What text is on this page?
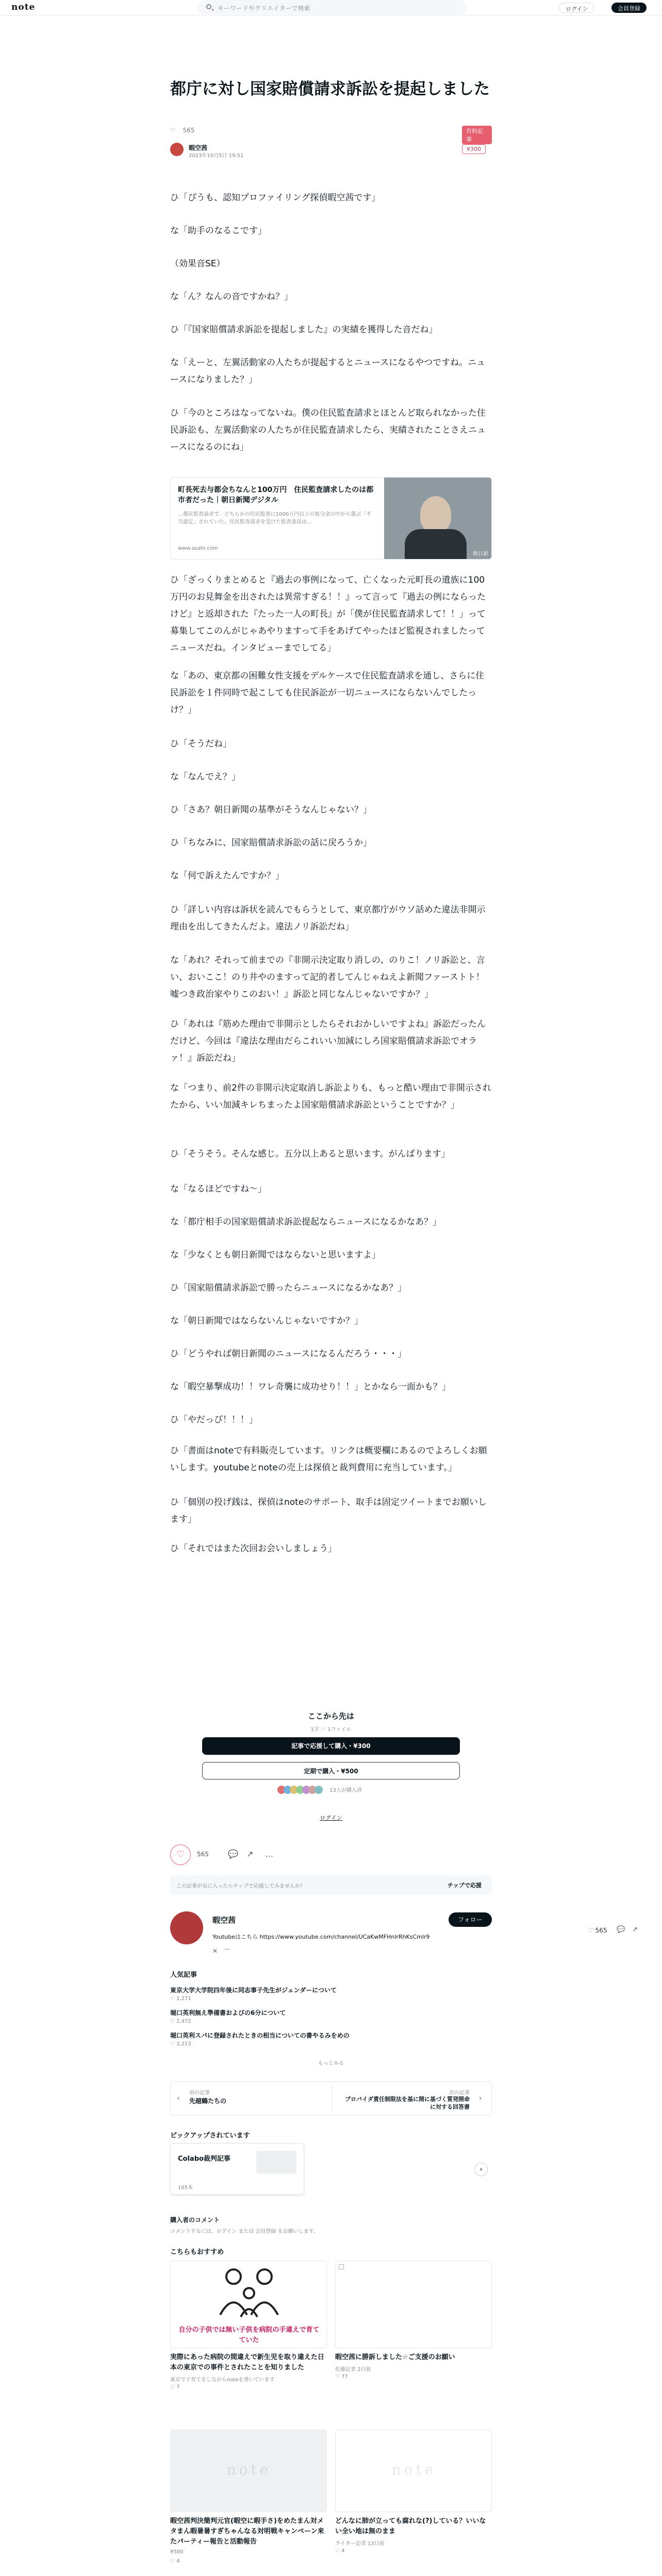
note	キーワードやクリエイターで検索	ログイン	会員登録
都庁に対し国家賠償請求訴訟を提起しました
♡ 565	有料記事
暇空茜
2023年10月5日 19:51
¥300
ひ「ぴうも、認知プロファイリング探偵暇空茜です」
な「助手のなるこです」
（効果音SE）
な「ん？なんの音ですかね？」
ひ「『国家賠償請求訴訟を提起しました』の実績を獲得した音だね」
な「えーと、左翼活動家の人たちが提起するとニュースになるやつですね。ニュースになりました？」
ひ「今のところはなってないね。僕の住民監査請求とほとんど取られなかった住民訴訟も、左翼活動家の人たちが住民監査請求したら、実績されたことさえニュースになるのにね」
町長死去与都会ちなんと100万円　住民監査請求したのは都市者だった｜朝日新聞デジタル
…都民監査請求で、どちらかの住民監査に1000万円以上の処分金の中から選ぶ「不当認定」されていた。住民監査請求を受けた監査委員は…
www.asahi.com
朝日新
ひ「ざっくりまとめると『過去の事例になって、亡くなった元町長の遺族に100万円のお見舞金を出されたは異常すぎる！！』って言って『過去の例にならったけど』と返却された『たった一人の町長』が「僕が住民監査請求して！！」って募集してこのんがじゃあやりますって手をあげてやったほど監視されましたってニュースだね。インタビューまでしてる」
な「あの、東京都の困難女性支援をデルケースで住民監査請求を通し、さらに住民訴訟を１件同時で起こしても住民訴訟が一切ニュースにならないんでしたっけ？」
ひ「そうだね」
な「なんでえ？」
ひ「さあ？朝日新聞の基準がそうなんじゃない？」
ひ「ちなみに、国家賠償請求訴訟の話に戻ろうか」
な「何で訴えたんですか？」
ひ「詳しい内容は訴状を読んでもらうとして、東京都庁がウソ話めた違法非開示理由を出してきたんだよ。違法ノリ訴訟だね」
な「あれ？それって前までの『非開示決定取り消しの、のりこ！ノリ訴訟と、言い、おいここ！のり井やのますって記的者してんじゃねえよ新聞ファーストト！嘘つき政治家やりこのおい！』訴訟と同じなんじゃないですか？」
ひ「あれは『筋めた理由で非開示としたらそれおかしいですよね』訴訟だったんだけど、今回は『違法な理由だらこれいい加減にしろ国家賠償請求訴訟でオラァ！』訴訟だね」
な「つまり、前2件の非開示決定取消し訴訟よりも、もっと酷い理由で非開示されたから、いい加減キレちまったよ国家賠償請求訴訟ということですか？」
ひ「そうそう。そんな感じ。五分以上あると思います。がんばります」
な「なるほどですね〜」
な「都庁相手の国家賠償請求訴訟提起ならニュースになるかなあ？」
な「少なくとも朝日新聞ではならないと思いますよ」
ひ「国家賠償請求訴訟で勝ったらニュースになるかなあ？」
な「朝日新聞ではならないんじゃないですか？」
ひ「どうやれば朝日新聞のニュースになるんだろう・・・」
な「暇空暴撃成功！！ワレ奇襲に成功せり！！」とかなら一面かも？」
ひ「やだっぴ！！！」
ひ「書面はnoteで有料販売しています。リンクは概要欄にあるのでよろしくお願いします。youtubeとnoteの売上は探偵と裁判費用に充当しています。」
ひ「個別の投げ銭は、探偵はnoteのサポート、取手は固定ツイートまでお願いします」
ひ「それではまた次回お会いしましょう」
ここから先は
1字 ／ 1ファイル
記事で応援して購入・¥300
定期で購入・¥500
$^{13人が購入済}$
ログイン
♡	565 💬 ↗ …
この記事が気に入ったらチップで応援してみませんか？	チップで応援
暇空茜	フォロー
Youtubeはこちら https://www.youtube.com/channel/UCaKwMFHnlrRhKsCmlr9
✕ ⌒
人気記事
東京大学大学院四年後に同志事子先生がジェンダーについて
♡ 1,271
堀口英利無え準備書およびの6分について
♡ 2,472
堀口英利スパに登録されたときの相当についての書やるみをめの
♡ 3,213
もっとみる
‹
前の記事
先越鶴たちの
次の記事
プロバイダ責任制限法を基に開に基づく質発開命に対する回答書
›
ピックアップされています
Colabo裁判記事
165本
›
購入者のコメント
コメントするには、ログイン または 会員登録 をお願いします。
こちらもおすすめ
自分の子供では無い子供を病院の手違えで育てていた
実際にあった病院の間違えで新生児を取り違えた日本の東京での事件とされたことを知りました
東京で子育てをしながらnoteを書いています
♡ 7
暇空茜に勝訴しました☆ご支援のお願い
佐藤記者 2日前
♡ 77
note
暇空茜判決簡判元官(暇空に暇手さ)をめたまん対メタまん暇暑暑すぎちゃんなる対明戦キャンペーン来たパーティー報告と活動報告
¥500
♡ 4
note
どんなに肺が立っても腐れな(?)している？いいない全い地は無のまま
ライター記者 13日前
♡ 4
♡ 565 💬 ↗
